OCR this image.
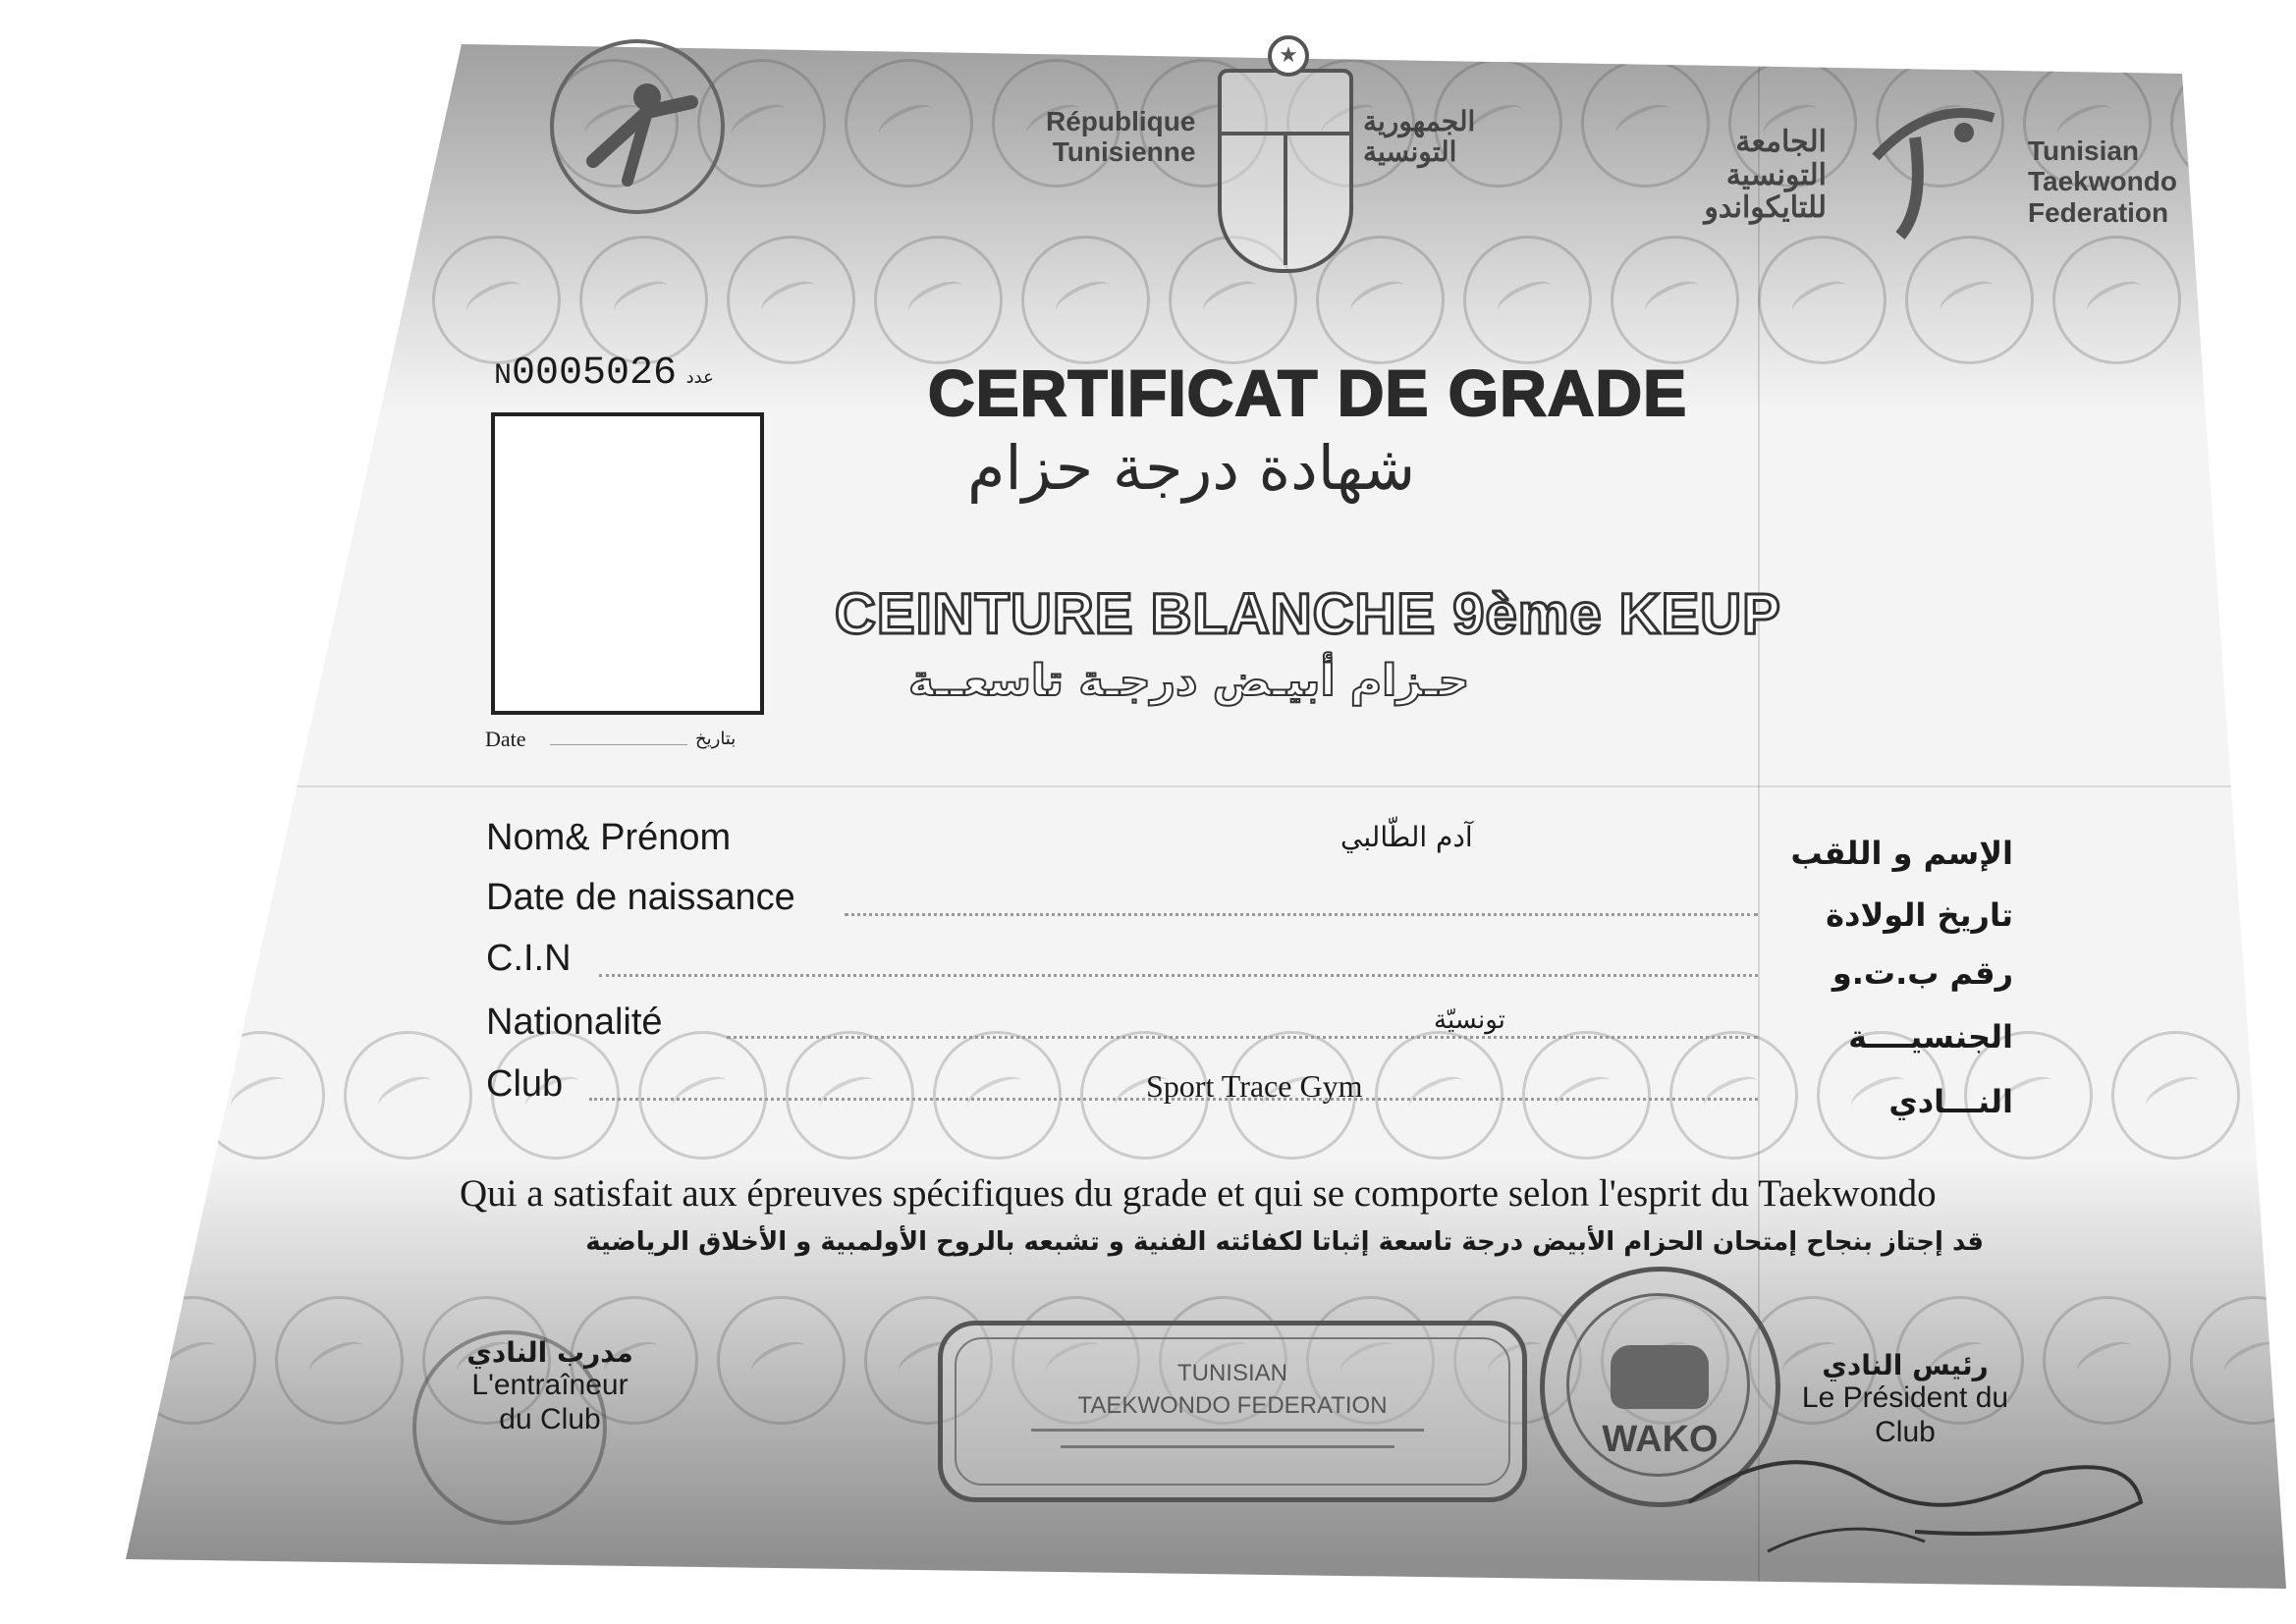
République
Tunisienne
★
الجمهورية
التونسية	الجامعة
التونسية
للتايكواندو
Tunisian
Taekwondo
Federation
N0005026 عدد
Date	بتاريخ
CERTIFICAT DE GRADE
شهادة درجة حزام
CEINTURE BLANCHE 9ème KEUP
حـزام أبيـض درجـة تاسعــة
Nom& Prénom	آدم الطّالبي	الإسم و اللقب
Date de naissance	تاريخ الولادة
C.I.N	رقم ب.ت.و
Nationalité	تونسيّة	الجنسيــــة
Club	Sport Trace Gym	النـــادي
Qui a satisfait aux épreuves spécifiques du grade et qui se comporte selon l'esprit du Taekwondo
قد إجتاز بنجاح إمتحان الحزام الأبيض درجة تاسعة إثباتا لكفائته الفنية و تشبعه بالروح الأولمبية و الأخلاق الرياضية
مدرب النادي
L'entraîneur
du Club
TUNISIAN
TAEKWONDO FEDERATION
WAKO
رئيس النادي
Le Président du
Club
